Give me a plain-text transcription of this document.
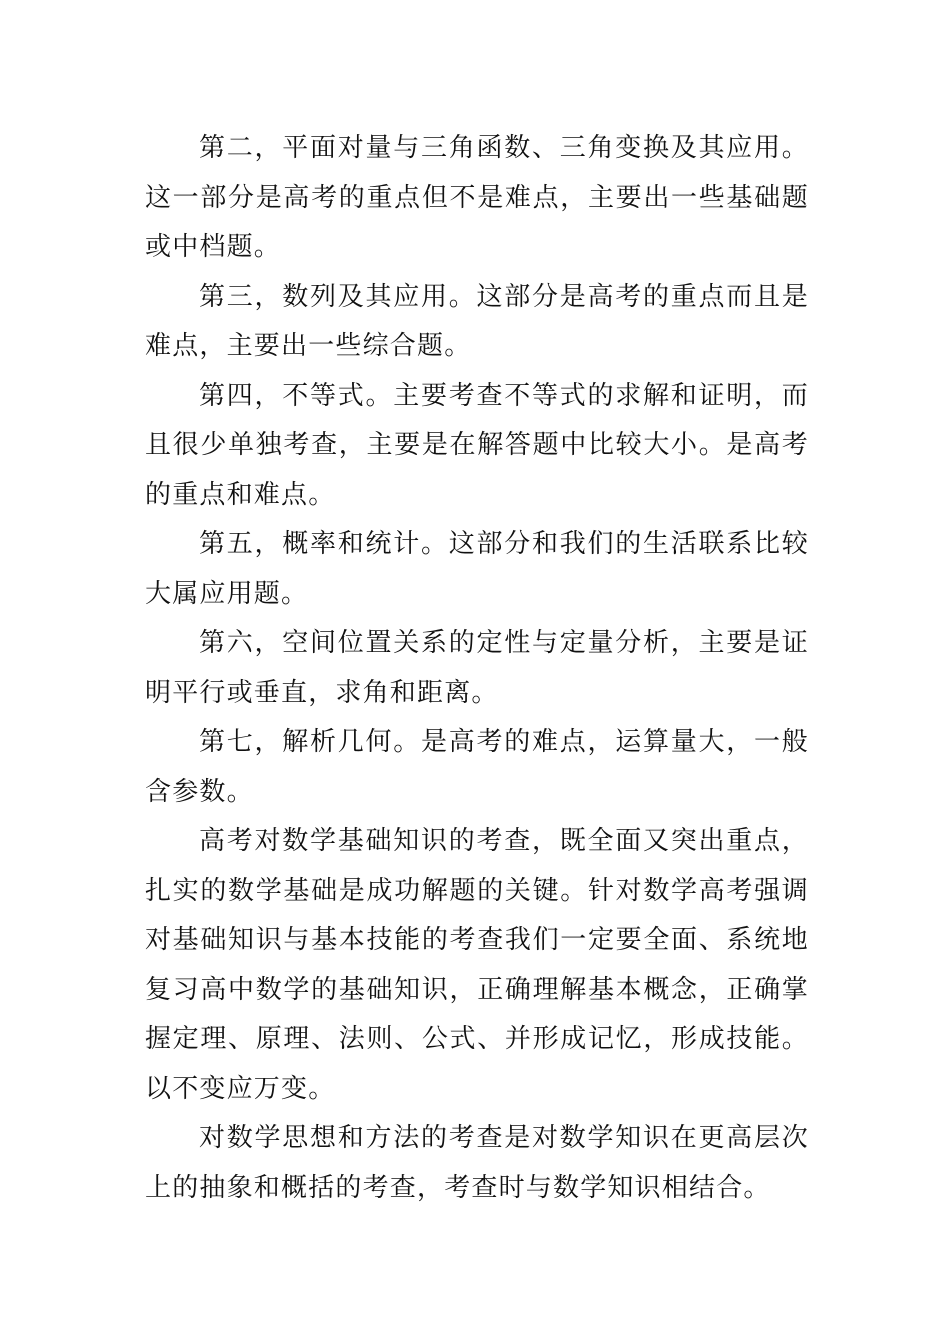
第二，平面对量与三角函数、三角变换及其应用。这一部分是高考的重点但不是难点，主要出一些基础题或中档题。

第三，数列及其应用。这部分是高考的重点而且是难点，主要出一些综合题。

第四，不等式。主要考查不等式的求解和证明，而且很少单独考查，主要是在解答题中比较大小。是高考的重点和难点。

第五，概率和统计。这部分和我们的生活联系比较大属应用题。

第六，空间位置关系的定性与定量分析，主要是证明平行或垂直，求角和距离。

第七，解析几何。是高考的难点，运算量大，一般含参数。

高考对数学基础知识的考查，既全面又突出重点，扎实的数学基础是成功解题的关键。针对数学高考强调对基础知识与基本技能的考查我们一定要全面、系统地复习高中数学的基础知识，正确理解基本概念，正确掌握定理、原理、法则、公式、并形成记忆，形成技能。以不变应万变。

对数学思想和方法的考查是对数学知识在更高层次上的抽象和概括的考查，考查时与数学知识相结合。
